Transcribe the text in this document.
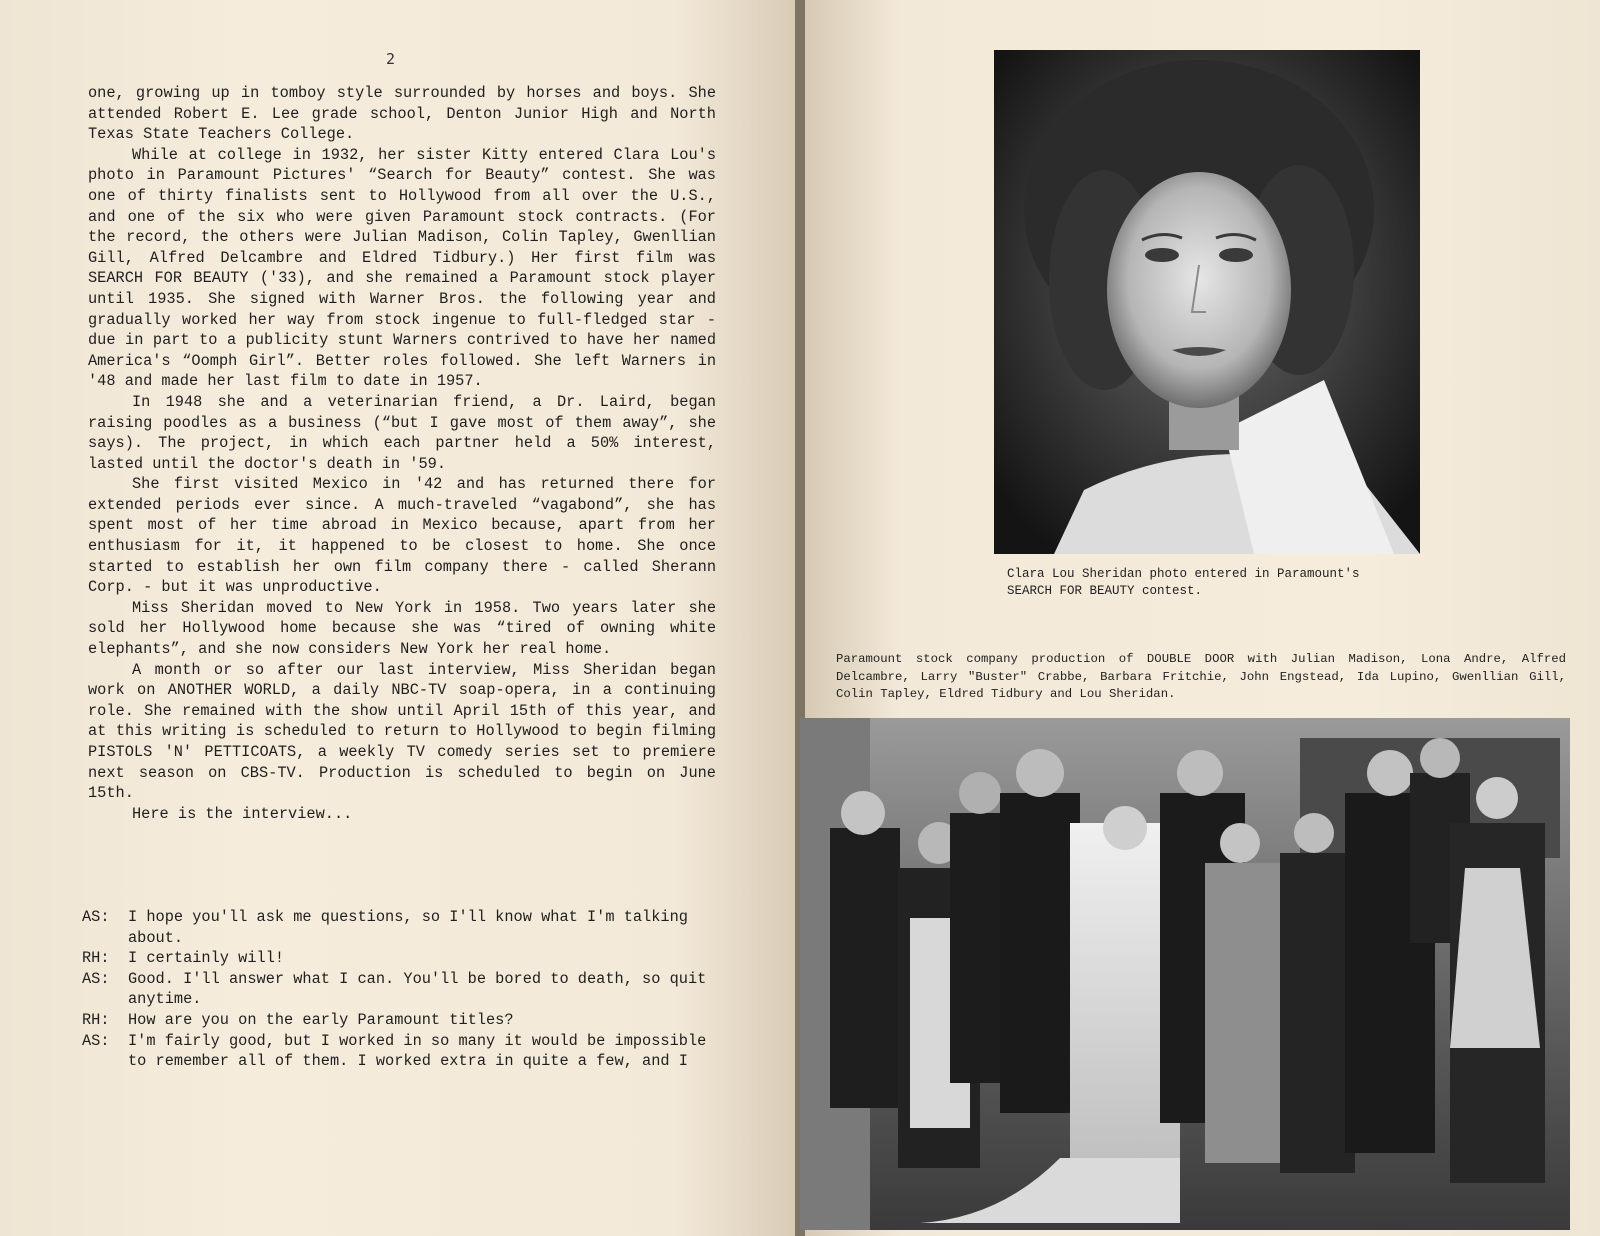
2

one, growing up in tomboy style surrounded by horses and boys. She attended Robert E. Lee grade school, Denton Junior High and North Texas State Teachers College.

While at college in 1932, her sister Kitty entered Clara Lou's photo in Paramount Pictures' “Search for Beauty” contest. She was one of thirty finalists sent to Hollywood from all over the U.S., and one of the six who were given Paramount stock contracts. (For the record, the others were Julian Madison, Colin Tapley, Gwenllian Gill, Alfred Delcambre and Eldred Tidbury.) Her first film was SEARCH FOR BEAUTY ('33), and she remained a Paramount stock player until 1935. She signed with Warner Bros. the following year and gradually worked her way from stock ingenue to full-fledged star - due in part to a publicity stunt Warners contrived to have her named America's “Oomph Girl”. Better roles followed. She left Warners in '48 and made her last film to date in 1957.

In 1948 she and a veterinarian friend, a Dr. Laird, began raising poodles as a business (“but I gave most of them away”, she says). The project, in which each partner held a 50% interest, lasted until the doctor's death in '59.

She first visited Mexico in '42 and has returned there for extended periods ever since. A much-traveled “vagabond”, she has spent most of her time abroad in Mexico because, apart from her enthusiasm for it, it happened to be closest to home. She once started to establish her own film company there - called Sherann Corp. - but it was unproductive.

Miss Sheridan moved to New York in 1958. Two years later she sold her Hollywood home because she was “tired of owning white elephants”, and she now considers New York her real home.

A month or so after our last interview, Miss Sheridan began work on ANOTHER WORLD, a daily NBC-TV soap-opera, in a continuing role. She remained with the show until April 15th of this year, and at this writing is scheduled to return to Hollywood to begin filming PISTOLS 'N' PETTICOATS, a weekly TV comedy series set to premiere next season on CBS-TV. Production is scheduled to begin on June 15th.

Here is the interview...

AS:	I hope you'll ask me questions, so I'll know what I'm talking about.
RH:	I certainly will!
AS:	Good. I'll answer what I can. You'll be bored to death, so quit anytime.
RH:	How are you on the early Paramount titles?
AS:	I'm fairly good, but I worked in so many it would be impossible to remember all of them. I worked extra in quite a few, and I
Clara Lou Sheridan photo entered in Paramount's
SEARCH FOR BEAUTY contest.
Paramount stock company production of DOUBLE DOOR with Julian Madison, Lona Andre, Alfred Delcambre, Larry "Buster" Crabbe, Barbara Fritchie, John Engstead, Ida Lupino, Gwenllian Gill, Colin Tapley, Eldred Tidbury and Lou Sheridan.
